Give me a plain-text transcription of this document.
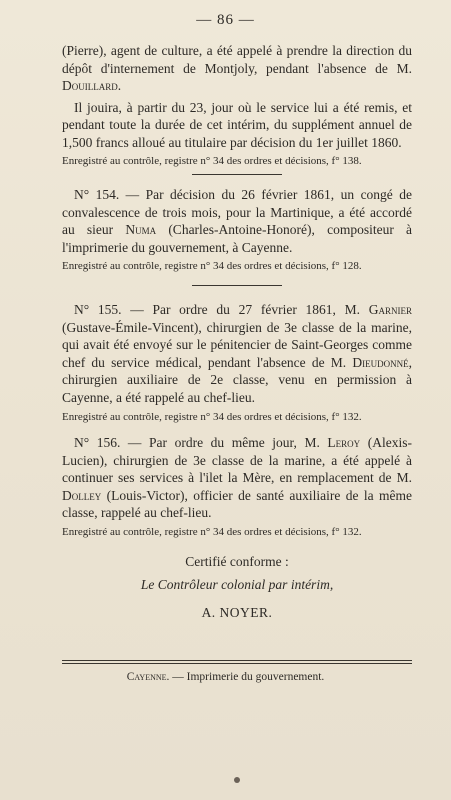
— 86 —

(Pierre), agent de culture, a été appelé à prendre la direction du dépôt d'internement de Montjoly, pendant l'absence de M. Douillard.

Il jouira, à partir du 23, jour où le service lui a été remis, et pendant toute la durée de cet intérim, du supplément annuel de 1,500 francs alloué au titulaire par décision du 1er juillet 1860.

Enregistré au contrôle, registre n° 34 des ordres et décisions, f° 138.

N° 154. — Par décision du 26 février 1861, un congé de convalescence de trois mois, pour la Martinique, a été accordé au sieur Numa (Charles-Antoine-Honoré), compositeur à l'imprimerie du gouvernement, à Cayenne.

Enregistré au contrôle, registre n° 34 des ordres et décisions, f° 128.

N° 155. — Par ordre du 27 février 1861, M. Garnier (Gustave-Émile-Vincent), chirurgien de 3e classe de la marine, qui avait été envoyé sur le pénitencier de Saint-Georges comme chef du service médical, pendant l'absence de M. Dieudonné, chirurgien auxiliaire de 2e classe, venu en permission à Cayenne, a été rappelé au chef-lieu.

Enregistré au contrôle, registre n° 34 des ordres et décisions, f° 132.

N° 156. — Par ordre du même jour, M. Leroy (Alexis-Lucien), chirurgien de 3e classe de la marine, a été appelé à continuer ses services à l'ilet la Mère, en remplacement de M. Dolley (Louis-Victor), officier de santé auxiliaire de la même classe, rappelé au chef-lieu.

Enregistré au contrôle, registre n° 34 des ordres et décisions, f° 132.

Certifié conforme :

Le Contrôleur colonial par intérim,

A. NOYER.

Cayenne. — Imprimerie du gouvernement.
